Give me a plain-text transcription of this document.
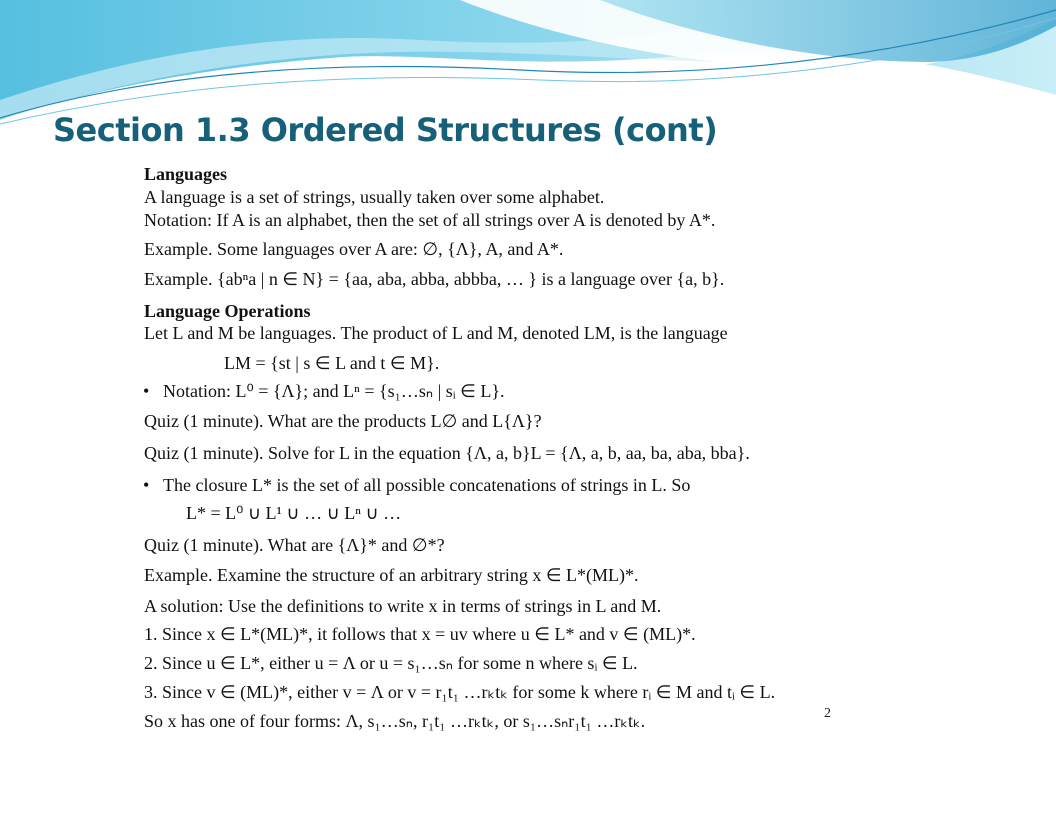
Section 1.3 Ordered Structures (cont)
Languages
A language is a set of strings, usually taken over some alphabet.
Notation: If A is an alphabet, then the set of all strings over A is denoted by A*.
Example. Some languages over A are: ∅, {Λ}, A, and A*.
Example. {abⁿa | n ∈ N} = {aa, aba, abba, abbba, … } is a language over {a, b}.
Language Operations
Let L and M be languages. The product of L and M, denoted LM, is the language
LM = {st | s ∈ L and t ∈ M}.
• Notation: L⁰ = {Λ}; and Lⁿ = {s₁…sₙ | sᵢ ∈ L}.
Quiz (1 minute). What are the products L∅ and L{Λ}?
Quiz (1 minute). Solve for L in the equation {Λ, a, b}L = {Λ, a, b, aa, ba, aba, bba}.
• The closure L* is the set of all possible concatenations of strings in L. So
L* = L⁰ ∪ L¹ ∪ … ∪ Lⁿ ∪ …
Quiz (1 minute). What are {Λ}* and ∅*?
Example. Examine the structure of an arbitrary string x ∈ L*(ML)*.
A solution: Use the definitions to write x in terms of strings in L and M.
1. Since x ∈ L*(ML)*, it follows that x = uv where u ∈ L* and v ∈ (ML)*.
2. Since u ∈ L*, either u = Λ or u = s₁…sₙ for some n where sᵢ ∈ L.
3. Since v ∈ (ML)*, either v = Λ or v = r₁t₁ …rₖtₖ for some k where rᵢ ∈ M and tᵢ ∈ L.
So x has one of four forms: Λ, s₁…sₙ, r₁t₁ …rₖtₖ, or s₁…sₙr₁t₁ …rₖtₖ.	2
